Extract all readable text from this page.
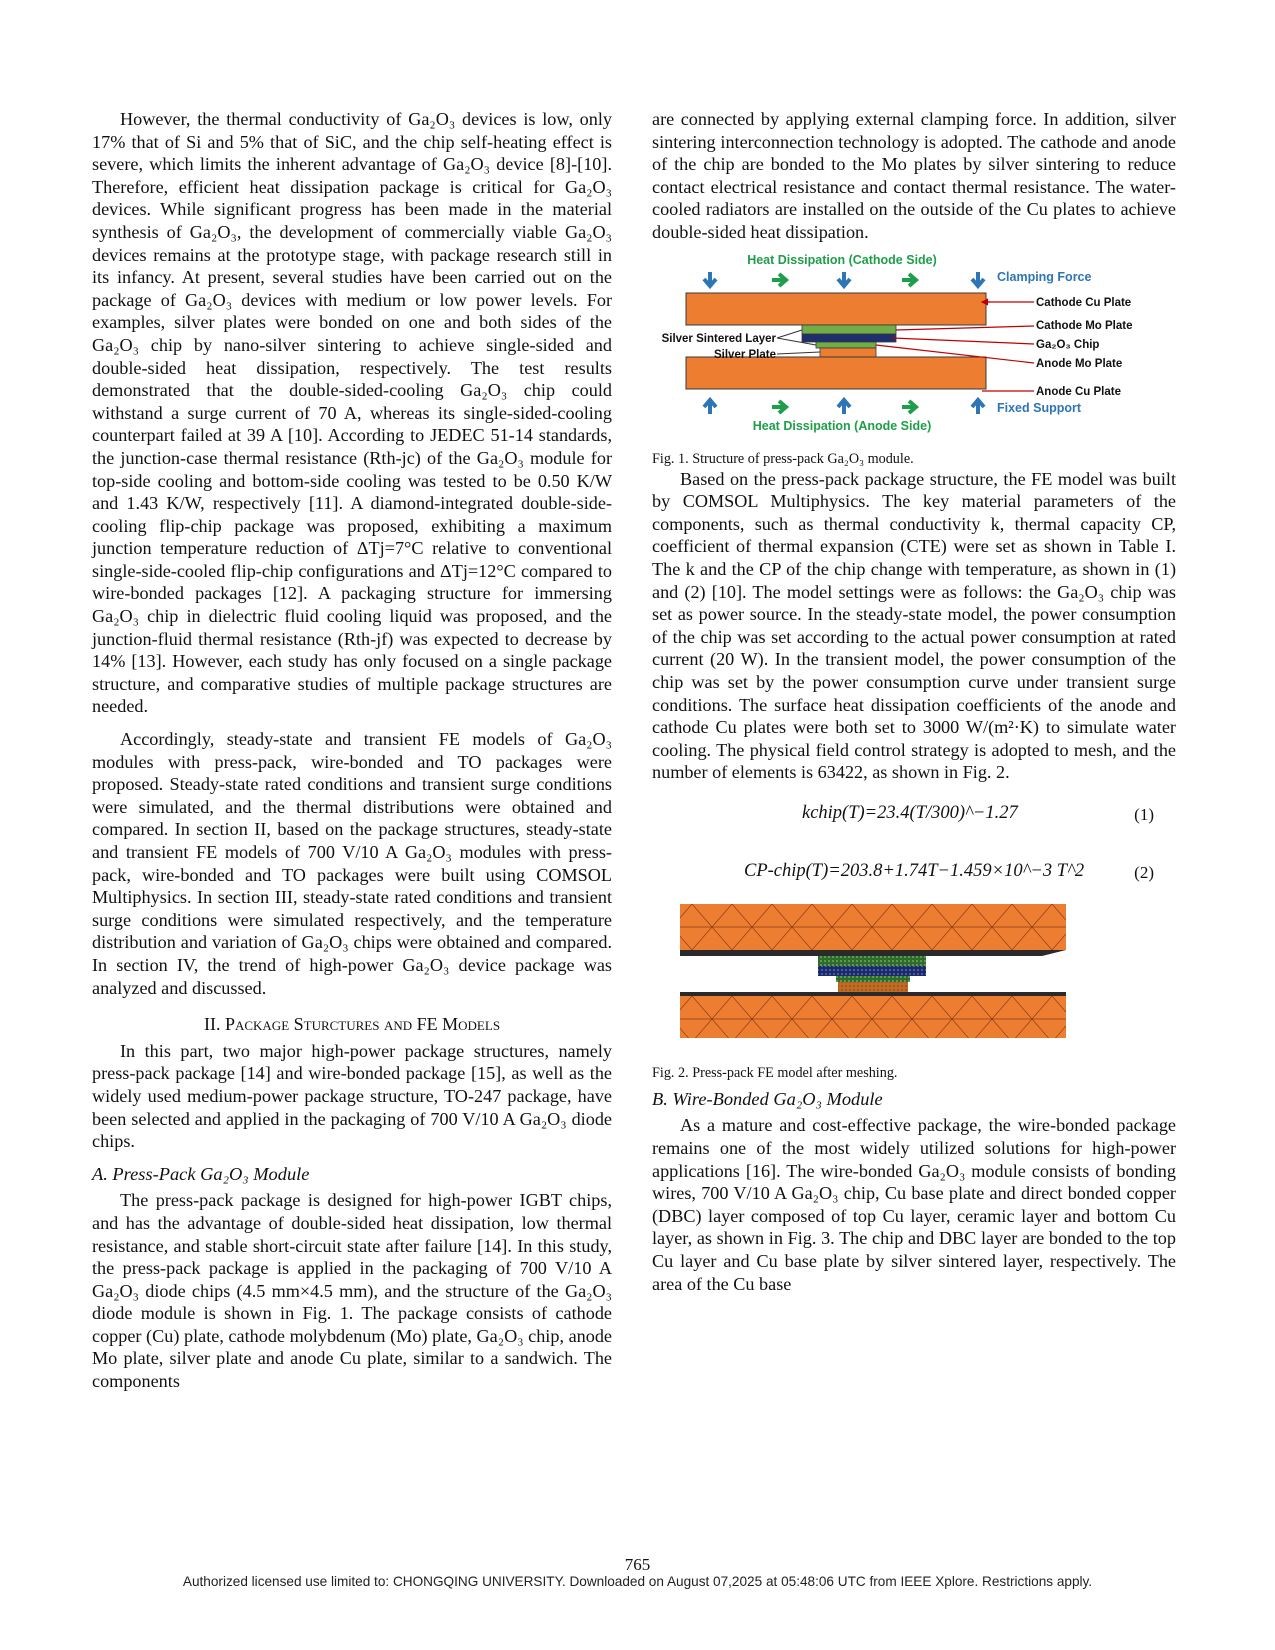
However, the thermal conductivity of Ga₂O₃ devices is low, only 17% that of Si and 5% that of SiC, and the chip self-heating effect is severe, which limits the inherent advantage of Ga₂O₃ device [8]-[10]. Therefore, efficient heat dissipation package is critical for Ga₂O₃ devices. While significant progress has been made in the material synthesis of Ga₂O₃, the development of commercially viable Ga₂O₃ devices remains at the prototype stage, with package research still in its infancy. At present, several studies have been carried out on the package of Ga₂O₃ devices with medium or low power levels. For examples, silver plates were bonded on one and both sides of the Ga₂O₃ chip by nano-silver sintering to achieve single-sided and double-sided heat dissipation, respectively. The test results demonstrated that the double-sided-cooling Ga₂O₃ chip could withstand a surge current of 70 A, whereas its single-sided-cooling counterpart failed at 39 A [10]. According to JEDEC 51-14 standards, the junction-case thermal resistance (Rth-jc) of the Ga₂O₃ module for top-side cooling and bottom-side cooling was tested to be 0.50 K/W and 1.43 K/W, respectively [11]. A diamond-integrated double-side-cooling flip-chip package was proposed, exhibiting a maximum junction temperature reduction of ΔTj=7°C relative to conventional single-side-cooled flip-chip configurations and ΔTj=12°C compared to wire-bonded packages [12]. A packaging structure for immersing Ga₂O₃ chip in dielectric fluid cooling liquid was proposed, and the junction-fluid thermal resistance (Rth-jf) was expected to decrease by 14% [13]. However, each study has only focused on a single package structure, and comparative studies of multiple package structures are needed.

Accordingly, steady-state and transient FE models of Ga₂O₃ modules with press-pack, wire-bonded and TO packages were proposed. Steady-state rated conditions and transient surge conditions were simulated, and the thermal distributions were obtained and compared. In section II, based on the package structures, steady-state and transient FE models of 700 V/10 A Ga₂O₃ modules with press-pack, wire-bonded and TO packages were built using COMSOL Multiphysics. In section III, steady-state rated conditions and transient surge conditions were simulated respectively, and the temperature distribution and variation of Ga₂O₃ chips were obtained and compared. In section IV, the trend of high-power Ga₂O₃ device package was analyzed and discussed.

II. Package Sturctures and FE Models

In this part, two major high-power package structures, namely press-pack package [14] and wire-bonded package [15], as well as the widely used medium-power package structure, TO-247 package, have been selected and applied in the packaging of 700 V/10 A Ga₂O₃ diode chips.

A. Press-Pack Ga₂O₃ Module

The press-pack package is designed for high-power IGBT chips, and has the advantage of double-sided heat dissipation, low thermal resistance, and stable short-circuit state after failure [14]. In this study, the press-pack package is applied in the packaging of 700 V/10 A Ga₂O₃ diode chips (4.5 mm×4.5 mm), and the structure of the Ga₂O₃ diode module is shown in Fig. 1. The package consists of cathode copper (Cu) plate, cathode molybdenum (Mo) plate, Ga₂O₃ chip, anode Mo plate, silver plate and anode Cu plate, similar to a sandwich. The components

are connected by applying external clamping force. In addition, silver sintering interconnection technology is adopted. The cathode and anode of the chip are bonded to the Mo plates by silver sintering to reduce contact electrical resistance and contact thermal resistance. The water-cooled radiators are installed on the outside of the Cu plates to achieve double-sided heat dissipation.

Heat Dissipation (Cathode Side)
Clamping Force
Cathode Cu Plate
Cathode Mo Plate
Ga₂O₃ Chip
Anode Mo Plate
Anode Cu Plate
Silver Sintered Layer
Silver Plate
Fixed Support
Heat Dissipation (Anode Side)

Fig. 1. Structure of press-pack Ga₂O₃ module.

Based on the press-pack package structure, the FE model was built by COMSOL Multiphysics. The key material parameters of the components, such as thermal conductivity k, thermal capacity CP, coefficient of thermal expansion (CTE) were set as shown in Table I. The k and the CP of the chip change with temperature, as shown in (1) and (2) [10]. The model settings were as follows: the Ga₂O₃ chip was set as power source. In the steady-state model, the power consumption of the chip was set according to the actual power consumption at rated current (20 W). In the transient model, the power consumption of the chip was set by the power consumption curve under transient surge conditions. The surface heat dissipation coefficients of the anode and cathode Cu plates were both set to 3000 W/(m²·K) to simulate water cooling. The physical field control strategy is adopted to mesh, and the number of elements is 63422, as shown in Fig. 2.

kchip(T)=23.4(T/300)^−1.27	(1)
CP-chip(T)=203.8+1.74T−1.459×10^−3 T^2	(2)

Fig. 2. Press-pack FE model after meshing.

B. Wire-Bonded Ga₂O₃ Module

As a mature and cost-effective package, the wire-bonded package remains one of the most widely utilized solutions for high-power applications [16]. The wire-bonded Ga₂O₃ module consists of bonding wires, 700 V/10 A Ga₂O₃ chip, Cu base plate and direct bonded copper (DBC) layer composed of top Cu layer, ceramic layer and bottom Cu layer, as shown in Fig. 3. The chip and DBC layer are bonded to the top Cu layer and Cu base plate by silver sintered layer, respectively. The area of the Cu base

765
Authorized licensed use limited to: CHONGQING UNIVERSITY. Downloaded on August 07,2025 at 05:48:06 UTC from IEEE Xplore. Restrictions apply.
